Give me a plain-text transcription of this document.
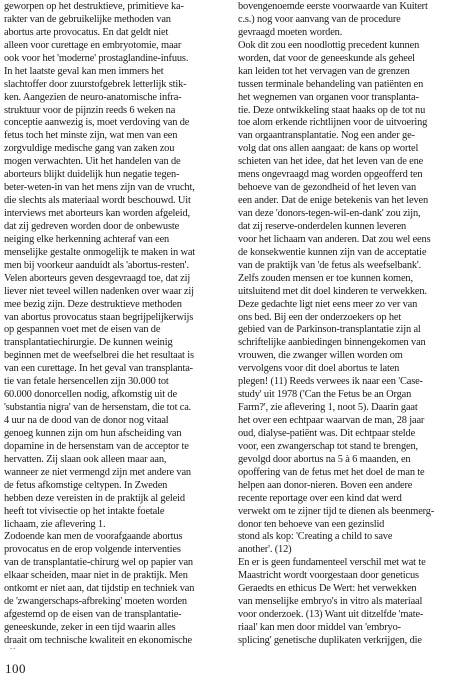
geworpen op het destruktieve, primitieve ka-
rakter van de gebruikelijke methoden van
abortus arte provocatus. En dat geldt niet
alleen voor curettage en embryotomie, maar
ook voor het 'moderne' prostaglandine-infuus.
In het laatste geval kan men immers het
slachtoffer door zuurstofgebrek letterlijk stik-
ken. Aangezien de neuro-anatomische infra-
struktuur voor de pijnzin reeds 6 weken na
conceptie aanwezig is, moet verdoving van de
fetus toch het minste zijn, wat men van een
zorgvuldige medische gang van zaken zou
mogen verwachten. Uit het handelen van de
aborteurs blijkt duidelijk hun negatie tegen-
beter-weten-in van het mens zijn van de vrucht,
die slechts als materiaal wordt beschouwd. Uit
interviews met aborteurs kan worden afgeleid,
dat zij gedreven worden door de onbewuste
neiging elke herkenning achteraf van een
menselijke gestalte onmogelijk te maken in wat
men bij voorkeur aanduidt als 'abortus-resten'.
Velen aborteurs geven desgevraagd toe, dat zij
liever niet teveel willen nadenken over waar zij
mee bezig zijn. Deze destruktieve methoden
van abortus provocatus staan begrijpelijkerwijs
op gespannen voet met de eisen van de
transplantatiechirurgie. De kunnen weinig
beginnen met de weefselbrei die het resultaat is
van een curettage. In het geval van transplanta-
tie van fetale hersencellen zijn 30.000 tot
60.000 donorcellen nodig, afkomstig uit de
'substantia nigra' van de hersenstam, die tot ca.
4 uur na de dood van de donor nog vitaal
genoeg kunnen zijn om hun afscheiding van
dopamine in de hersenstam van de acceptor te
hervatten. Zij slaan ook alleen maar aan,
wanneer ze niet vermengd zijn met andere van
de fetus afkomstige celtypen. In Zweden
hebben deze vereisten in de praktijk al geleid
heeft tot vivisectie op het intakte foetale
lichaam, zie aflevering 1.
Zodoende kan men de voorafgaande abortus
provocatus en de erop volgende interventies
van de transplantatie-chirurg wel op papier van
elkaar scheiden, maar niet in de praktijk. Men
ontkomt er niet aan, dat tijdstip en techniek van
de 'zwangerschaps-afbreking' moeten worden
afgestemd op de eisen van de transplantatie-
geneeskunde, zeker in een tijd waarin alles
draait om technische kwaliteit en ekonomische
bovengenoemde eerste voorwaarde van Kuitert
c.s.) nog voor aanvang van de procedure
gevraagd moeten worden.
Ook dit zou een noodlottig precedent kunnen
worden, dat voor de geneeskunde als geheel
kan leiden tot het vervagen van de grenzen
tussen terminale behandeling van patiënten en
het wegnemen van organen voor transplanta-
tie. Deze ontwikkeling staat haaks op de tot nu
toe alom erkende richtlijnen voor de uitvoering
van orgaantransplantatie. Nog een ander ge-
volg dat ons allen aangaat: de kans op wortel
schieten van het idee, dat het leven van de ene
mens ongevraagd mag worden opgeofferd ten
behoeve van de gezondheid of het leven van
een ander. Dat de enige betekenis van het leven
van deze 'donors-tegen-wil-en-dank' zou zijn,
dat zij reserve-onderdelen kunnen leveren
voor het lichaam van anderen. Dat zou wel eens
de konsekwentie kunnen zijn van de acceptatie
van de praktijk van 'de fetus als weefselbank'.
Zelfs zouden mensen er toe kunnen komen,
uitsluitend met dit doel kinderen te verwekken.
Deze gedachte ligt niet eens meer zo ver van
ons bed. Bij een der onderzoekers op het
gebied van de Parkinson-transplantatie zijn al
schriftelijke aanbiedingen binnengekomen van
vrouwen, die zwanger willen worden om
vervolgens voor dit doel abortus te laten
plegen! (11) Reeds verwees ik naar een 'Case-
study' uit 1978 ('Can the Fetus be an Organ
Farm?', zie aflevering 1, noot 5). Daarin gaat
het over een echtpaar waarvan de man, 28 jaar
oud, dialyse-patiënt was. Dit echtpaar stelde
voor, een zwangerschap tot stand te brengen,
gevolgd door abortus na 5 à 6 maanden, en
opoffering van de fetus met het doel de man te
helpen aan donor-nieren. Boven een andere
recente reportage over een kind dat werd
verwekt om te zijner tijd te dienen als beenmerg-
donor ten behoeve van een gezinslid
stond als kop: 'Creating a child to save
another'. (12)
En er is geen fundamenteel verschil met wat te
Maastricht wordt voorgestaan door geneticus
Geraedts en ethicus De Wert: het verwekken
van menselijke embryo's in vitro als materiaal
voor onderzoek. (13) Want uit ditzelfde 'mate-
riaal' kan men door middel van 'embryo-
splicing' genetische duplikaten verkrijgen, die
100
